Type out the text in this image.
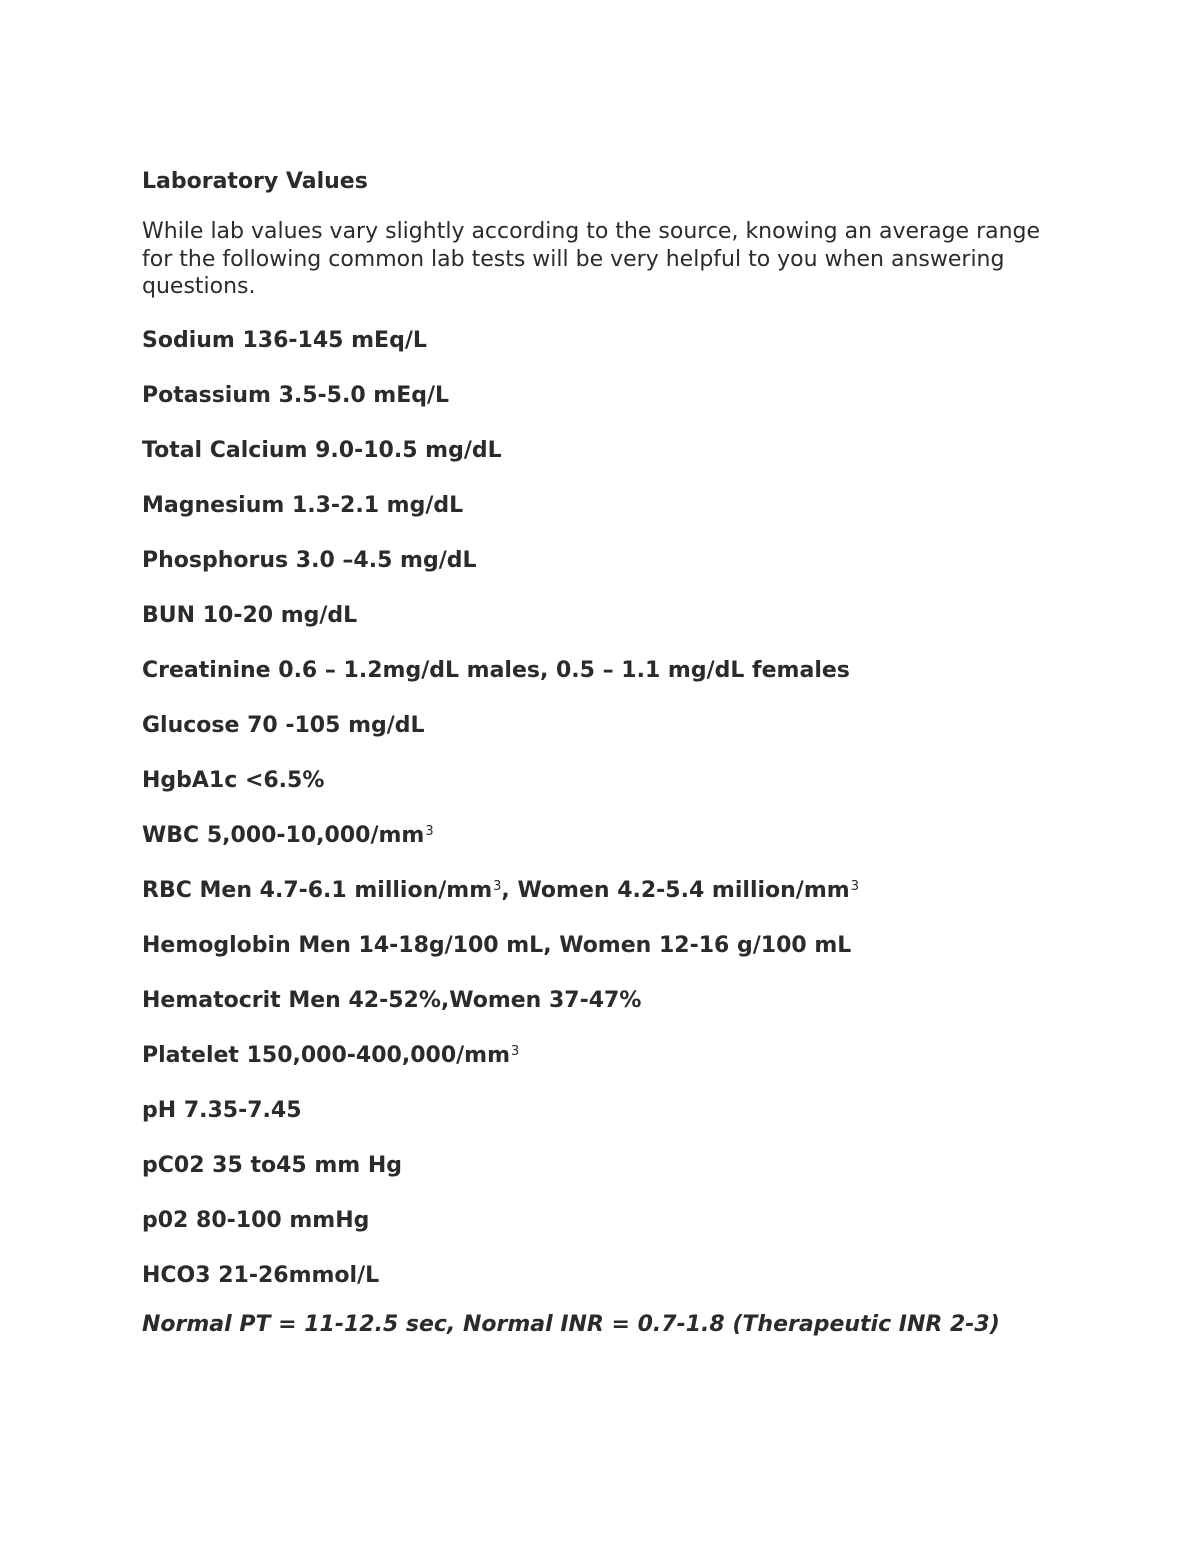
Laboratory Values

While lab values vary slightly according to the source, knowing an average range for the following common lab tests will be very helpful to you when answering questions.

Sodium 136-145 mEq/L
Potassium 3.5-5.0 mEq/L
Total Calcium 9.0-10.5 mg/dL
Magnesium 1.3-2.1 mg/dL
Phosphorus 3.0 –4.5 mg/dL
BUN 10-20 mg/dL
Creatinine 0.6 – 1.2mg/dL males, 0.5 – 1.1 mg/dL females
Glucose 70 -105 mg/dL
HgbA1c <6.5%
WBC $5,000-10,000/mm^3$
RBC Men 4.7-6.1 million/$mm^3$, Women 4.2-5.4 million/$mm^3$
Hemoglobin Men 14-18g/100 mL, Women 12-16 g/100 mL
Hematocrit Men 42-52%,Women 37-47%
Platelet $150,000-400,000/mm^3$
pH 7.35-7.45
pC02 35 to45 mm Hg
p02 80-100 mmHg
HCO3 21-26mmol/L

Normal PT = 11-12.5 sec, Normal INR = 0.7-1.8 (Therapeutic INR 2-3)
